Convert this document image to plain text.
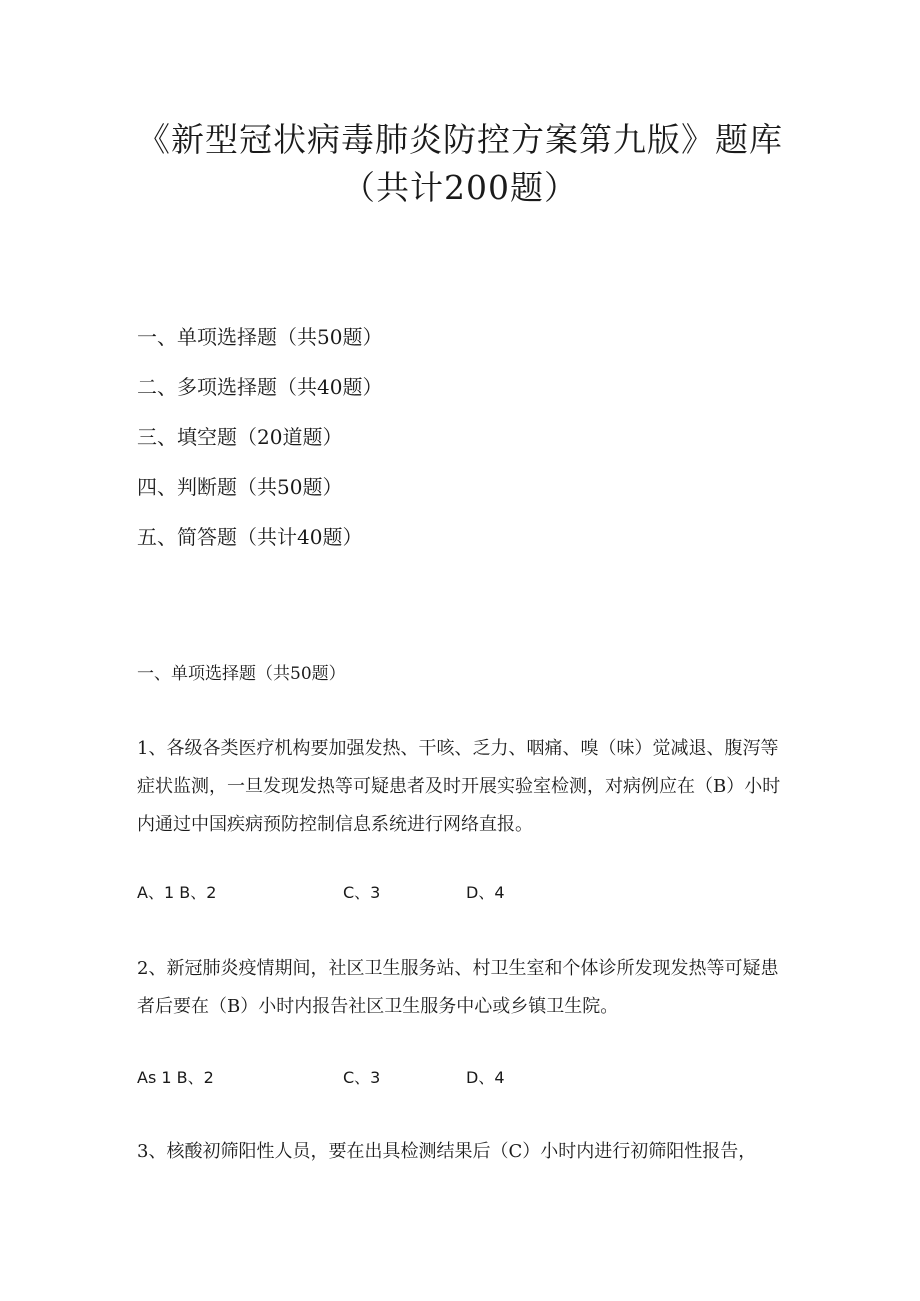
《新型冠状病毒肺炎防控方案第九版》题库
（共计200题）
一、单项选择题（共50题）
二、多项选择题（共40题）
三、填空题（20道题）
四、判断题（共50题）
五、简答题（共计40题）
一、单项选择题（共50题）
1、各级各类医疗机构要加强发热、干咳、乏力、咽痛、嗅（味）觉减退、腹泻等症状监测，一旦发现发热等可疑患者及时开展实验室检测，对病例应在（B）小时内通过中国疾病预防控制信息系统进行网络直报。
A、1 B、2	C、3	D、4
2、新冠肺炎疫情期间，社区卫生服务站、村卫生室和个体诊所发现发热等可疑患者后要在（B）小时内报告社区卫生服务中心或乡镇卫生院。
As 1 B、2	C、3	D、4
3、核酸初筛阳性人员，要在出具检测结果后（C）小时内进行初筛阳性报告，
